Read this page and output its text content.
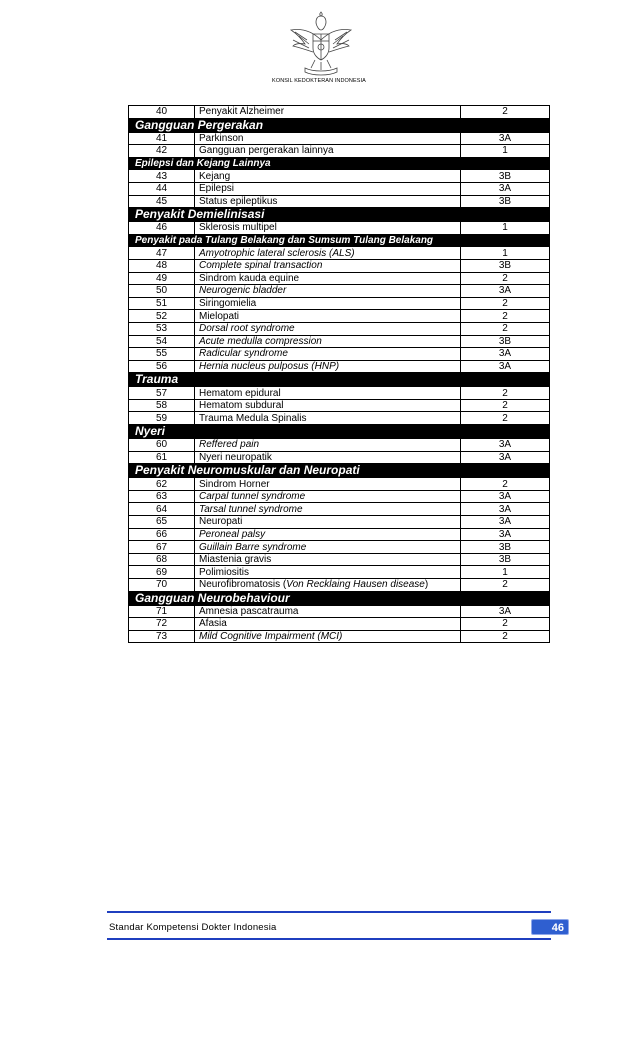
KONSIL KEDOKTERAN INDONESIA
40	Penyakit Alzheimer	2
Gangguan Pergerakan		
41	Parkinson	3A
42	Gangguan pergerakan lainnya	1
Epilepsi dan Kejang Lainnya		
43	Kejang	3B
44	Epilepsi	3A
45	Status epileptikus	3B
Penyakit Demielinisasi		
46	Sklerosis multipel	1
Penyakit pada Tulang Belakang dan Sumsum Tulang Belakang		
47	Amyotrophic lateral sclerosis (ALS)	1
48	Complete spinal transaction	3B
49	Sindrom kauda equine	2
50	Neurogenic bladder	3A
51	Siringomielia	2
52	Mielopati	2
53	Dorsal root syndrome	2
54	Acute medulla compression	3B
55	Radicular syndrome	3A
56	Hernia nucleus pulposus (HNP)	3A
Trauma		
57	Hematom epidural	2
58	Hematom subdural	2
59	Trauma Medula Spinalis	2
Nyeri		
60	Reffered pain	3A
61	Nyeri neuropatik	3A
Penyakit Neuromuskular dan Neuropati		
62	Sindrom Horner	2
63	Carpal tunnel syndrome	3A
64	Tarsal tunnel syndrome	3A
65	Neuropati	3A
66	Peroneal palsy	3A
67	Guillain Barre syndrome	3B
68	Miastenia gravis	3B
69	Polimiositis	1
70	Neurofibromatosis (Von Recklaing Hausen disease)	2
Gangguan Neurobehaviour		
71	Amnesia pascatrauma	3A
72	Afasia	2
73	Mild Cognitive Impairment (MCI)	2
Standar Kompetensi Dokter Indonesia	46
